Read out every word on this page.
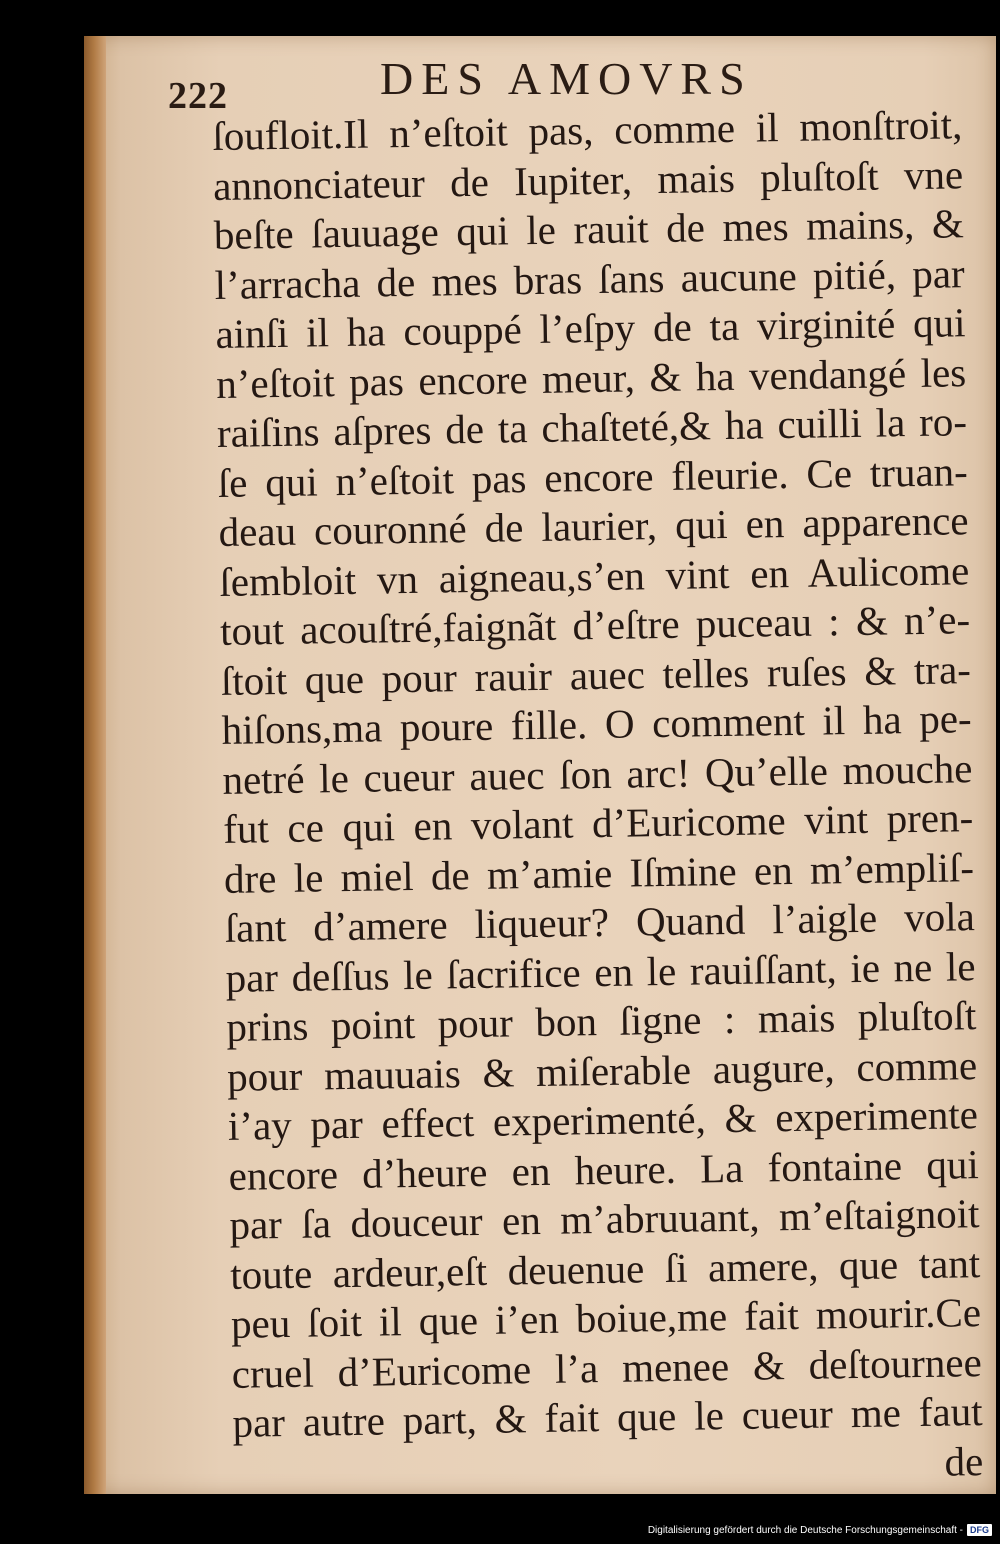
222	DES AMOVRS
ſoufloit.Il n’eſtoit pas, comme il monſtroit,
annonciateur de Iupiter, mais pluſtoſt vne
beſte ſauuage qui le rauit de mes mains, &
l’arracha de mes bras ſans aucune pitié, par
ainſi il ha couppé l’eſpy de ta virginité qui
n’eſtoit pas encore meur, & ha vendangé les
raiſins aſpres de ta chaſteté,& ha cuilli la ro-
ſe qui n’eſtoit pas encore fleurie. Ce truan-
deau couronné de laurier, qui en apparence
ſembloit vn aigneau,s’en vint en Aulicome
tout acouſtré,faignãt d’eſtre puceau : & n’e-
ſtoit que pour rauir auec telles ruſes & tra-
hiſons,ma poure fille. O comment il ha pe-
netré le cueur auec ſon arc! Qu’elle mouche
fut ce qui en volant d’Euricome vint pren-
dre le miel de m’amie Iſmine en m’empliſ-
ſant d’amere liqueur? Quand l’aigle vola
par deſſus le ſacrifice en le rauiſſant, ie ne le
prins point pour bon ſigne : mais pluſtoſt
pour mauuais & miſerable augure, comme
i’ay par effect experimenté, & experimente
encore d’heure en heure. La fontaine qui
par ſa douceur en m’abruuant, m’eſtaignoit
toute ardeur,eſt deuenue ſi amere, que tant
peu ſoit il que i’en boiue,me fait mourir.Ce
cruel d’Euricome l’a menee & deſtournee
par autre part, & fait que le cueur me faut
de
Digitalisierung gefördert durch die Deutsche Forschungsgemeinschaft - DFG
